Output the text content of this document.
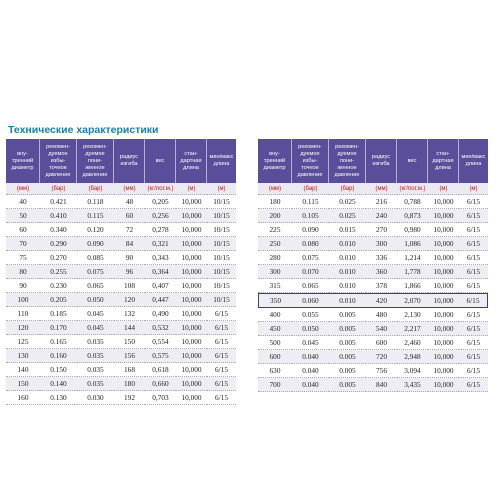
Технические характеристики
вну-
тренний
диаметр	рекомен-
дуемое
избы-
точное
давление	рекомен-
дуемое
пони-
женное
давление	радиус
изгиба	вес	стан-
дартная
длина	мин/макс
длина
(мм)	(бар)	(бар)	(мм)	(кг/пог.м.)	(м)	(м)
40	0.421	0.118	48	0,205	10,000	10/15
50	0.410	0.115	60	0,256	10,000	10/15
60	0.340	0.120	72	0,278	10,000	10/15
70	0.290	0.090	84	0,321	10,000	10/15
75	0.270	0.085	90	0,343	10,000	10/15
80	0.255	0.075	96	0,364	10,000	10/15
90	0.230	0.065	108	0,407	10,000	10/15
100	0.205	0.050	120	0,447	10,000	10/15
110	0.185	0.045	132	0,490	10,000	6/15
120	0.170	0.045	144	0,532	10,000	6/15
125	0.165	0.035	150	0,554	10,000	6/15
130	0.160	0.035	156	0,575	10,000	6/15
140	0.150	0.035	168	0,618	10,000	6/15
150	0.140	0.035	180	0,660	10,000	6/15
160	0.130	0.030	192	0,703	10,000	6/15
вну-
тренний
диаметр	рекомен-
дуемое
избы-
точное
давление	рекомен-
дуемое
пони-
женное
давление	радиус
изгиба	вес	стан-
дартная
длина	мин/макс
длина
(мм)	(бар)	(бар)	(мм)	(кг/пог.м.)	(м)	(м)
180	0.115	0.025	216	0,788	10,000	6/15
200	0.105	0.025	240	0,873	10,000	6/15
225	0.090	0.015	270	0,980	10,000	6/15
250	0.080	0.010	300	1,086	10,000	6/15
280	0.075	0.010	336	1,214	10,000	6/15
300	0.070	0.010	360	1,778	10,000	6/15
315	0.065	0.010	378	1,866	10,000	6/15
350	0.060	0.010	420	2,070	10,000	6/15
400	0.055	0.005	480	2,130	10,000	6/15
450	0.050	0.005	540	2,217	10,000	6/15
500	0.045	0.005	600	2,460	10,000	6/15
600	0.040	0.005	720	2,948	10,000	6/15
630	0.040	0.005	756	3,094	10,000	6/15
700	0.040	0.005	840	3,435	10,000	6/15
